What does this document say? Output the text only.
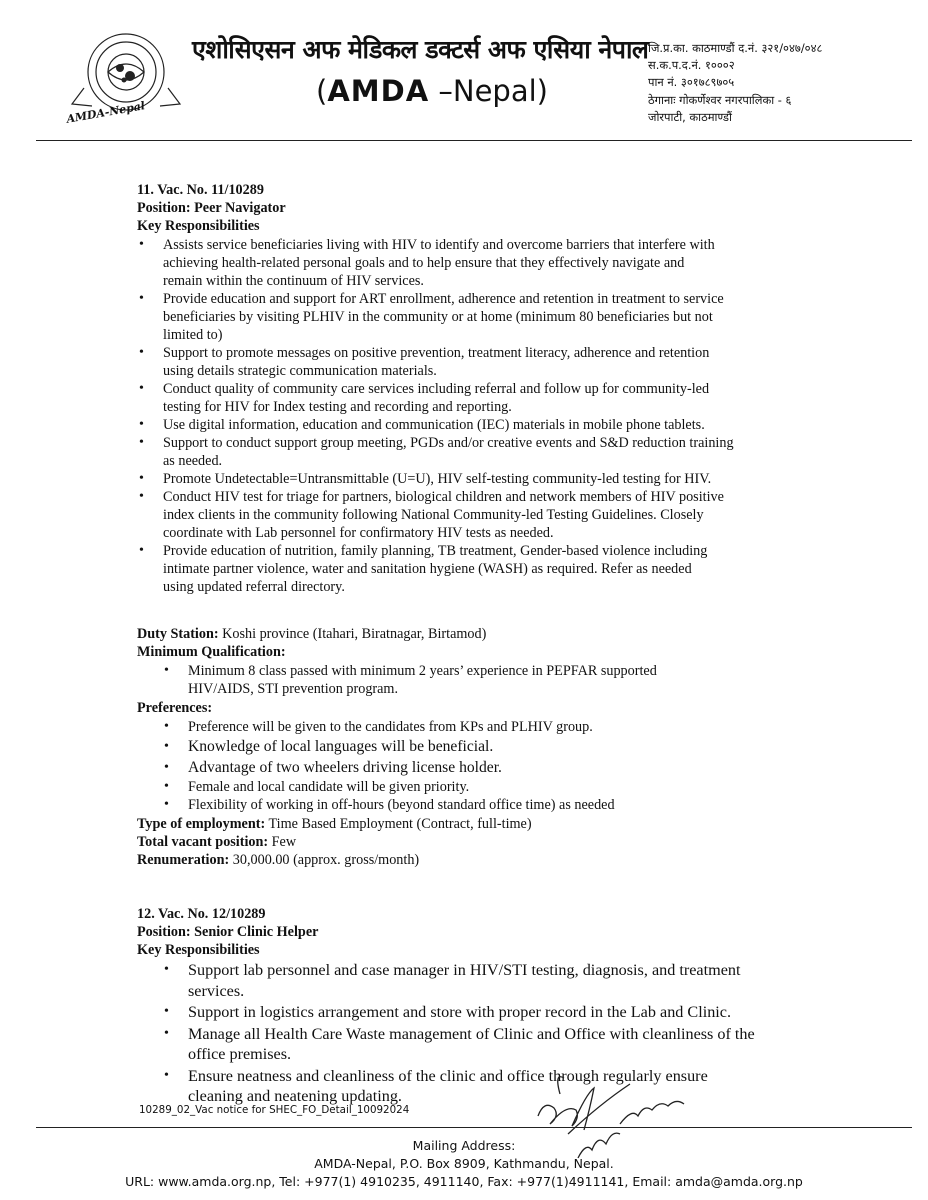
AMDA-Nepal
एशोसिएसन अफ मेडिकल डक्टर्स अफ एसिया नेपाल
(AMDA –Nepal)
जि.प्र.का. काठमाण्डौं द.नं. ३२१/०४७/०४८
स.क.प.द.नं. १०००२
पान नं. ३०१७८९७०५
ठेगानाः गोकर्णेश्वर नगरपालिका - ६
जोरपाटी, काठमाण्डौं
11. Vac. No. 11/10289
Position: Peer Navigator
Key Responsibilities
• Assists service beneficiaries living with HIV to identify and overcome barriers that interfere with
achieving health-related personal goals and to help ensure that they effectively navigate and
remain within the continuum of HIV services.
• Provide education and support for ART enrollment, adherence and retention in treatment to service
beneficiaries by visiting PLHIV in the community or at home (minimum 80 beneficiaries but not
limited to)
• Support to promote messages on positive prevention, treatment literacy, adherence and retention
using details strategic communication materials.
• Conduct quality of community care services including referral and follow up for community-led
testing for HIV for Index testing and recording and reporting.
• Use digital information, education and communication (IEC) materials in mobile phone tablets.
• Support to conduct support group meeting, PGDs and/or creative events and S&D reduction training
as needed.
• Promote Undetectable=Untransmittable (U=U), HIV self-testing community-led testing for HIV.
• Conduct HIV test for triage for partners, biological children and network members of HIV positive
index clients in the community following National Community-led Testing Guidelines. Closely
coordinate with Lab personnel for confirmatory HIV tests as needed.
• Provide education of nutrition, family planning, TB treatment, Gender-based violence including
intimate partner violence, water and sanitation hygiene (WASH) as required. Refer as needed
using updated referral directory.
Duty Station: Koshi province (Itahari, Biratnagar, Birtamod)
Minimum Qualification:
• Minimum 8 class passed with minimum 2 years’ experience in PEPFAR supported
HIV/AIDS, STI prevention program.
Preferences:
• Preference will be given to the candidates from KPs and PLHIV group.
• Knowledge of local languages will be beneficial.
• Advantage of two wheelers driving license holder.
• Female and local candidate will be given priority.
• Flexibility of working in off-hours (beyond standard office time) as needed
Type of employment: Time Based Employment (Contract, full-time)
Total vacant position: Few
Renumeration: 30,000.00 (approx. gross/month)
12. Vac. No. 12/10289
Position: Senior Clinic Helper
Key Responsibilities
• Support lab personnel and case manager in HIV/STI testing, diagnosis, and treatment
services.
• Support in logistics arrangement and store with proper record in the Lab and Clinic.
• Manage all Health Care Waste management of Clinic and Office with cleanliness of the
office premises.
• Ensure neatness and cleanliness of the clinic and office through regularly ensure
cleaning and neatening updating.
10289_02_Vac notice for SHEC_FO_Detail_10092024
Mailing Address:
AMDA-Nepal, P.O. Box 8909, Kathmandu, Nepal.
URL: www.amda.org.np, Tel: +977(1) 4910235, 4911140, Fax: +977(1)4911141, Email: amda@amda.org.np
